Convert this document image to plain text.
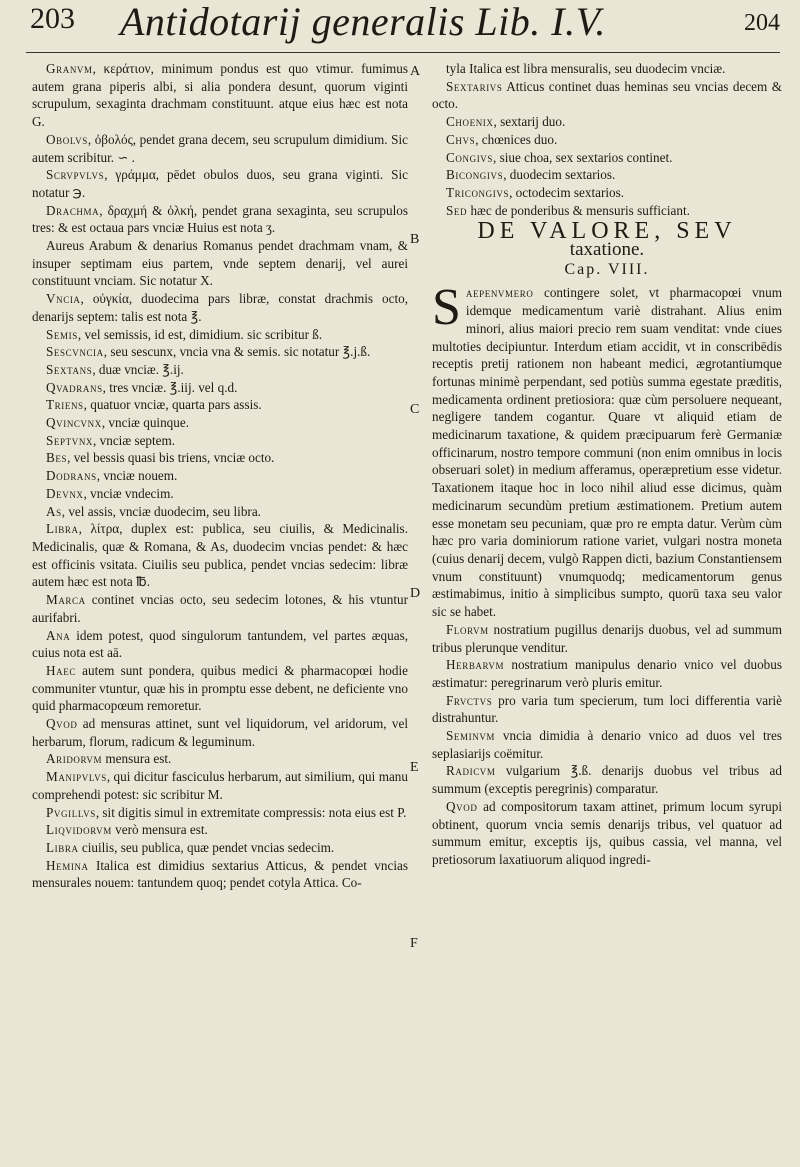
203 Antidotarij generalis Lib. I.V.	204

Granvm, κεράτιον, minimum pondus est quo vtimur. fumimus autem grana piperis albi, si alia pondera desunt, quorum viginti scrupulum, sexaginta drachmam constituunt. atque eius hæc est nota G.

Obolvs, ὀβολός, pendet grana decem, seu scrupulum dimidium. Sic autem scribitur. ∽ .

Scrvpvlvs, γράμμα, pēdet obulos duos, seu grana viginti. Sic notatur ℈.

Drachma, δραχμή & ὁλκή, pendet grana sexaginta, seu scrupulos tres: & est octaua pars vnciæ Huius est nota ʒ.

Aureus Arabum & denarius Romanus pendet drachmam vnam, & insuper septimam eius partem, vnde septem denarij, vel aurei constituunt vnciam. Sic notatur X.

Vncia, οὐγκία, duodecima pars libræ, constat drachmis octo, denarijs septem: talis est nota ℥.

Semis, vel semissis, id est, dimidium. sic scribitur ß.

Sescvncia, seu sescunx, vncia vna & semis. sic notatur ℥.j.ß.

Sextans, duæ vnciæ. ℥.ij.

Qvadrans, tres vnciæ. ℥.iij. vel q.d.

Triens, quatuor vnciæ, quarta pars assis.

Qvincvnx, vnciæ quinque.

Septvnx, vnciæ septem.

Bes, vel bessis quasi bis triens, vnciæ octo.

Dodrans, vnciæ nouem.

Devnx, vnciæ vndecim.

As, vel assis, vnciæ duodecim, seu libra.

Libra, λίτρα, duplex est: publica, seu ciuilis, & Medicinalis. Medicinalis, quæ & Romana, & As, duodecim vncias pendet: & hæc est officinis vsitata. Ciuilis seu publica, pendet vncias sedecim: libræ autem hæc est nota ℔.

Marca continet vncias octo, seu sedecim lotones, & his vtuntur aurifabri.

Ana idem potest, quod singulorum tantundem, vel partes æquas, cuius nota est aā.

Haec autem sunt pondera, quibus medici & pharmacopœi hodie communiter vtuntur, quæ his in promptu esse debent, ne deficiente vno quid pharmacopœum remoretur.

Qvod ad mensuras attinet, sunt vel liquidorum, vel aridorum, vel herbarum, florum, radicum & leguminum.

Aridorvm mensura est.

Manipvlvs, qui dicitur fasciculus herbarum, aut similium, qui manu comprehendi potest: sic scribitur M.

Pvgillvs, sit digitis simul in extremitate compressis: nota eius est P.

Liqvidorvm verò mensura est.

Libra ciuilis, seu publica, quæ pendet vncias sedecim.

Hemina Italica est dimidius sextarius Atticus, & pendet vncias mensurales nouem: tantundem quoq; pendet cotyla Attica. Co-

tyla Italica est libra mensuralis, seu duodecim vnciæ.

Sextarivs Atticus continet duas heminas seu vncias decem & octo.

Choenix, sextarij duo.

Chvs, chœnices duo.

Congivs, siue choa, sex sextarios continet.

Bicongivs, duodecim sextarios.

Tricongivs, octodecim sextarios.

Sed hæc de ponderibus & mensuris sufficiant.

DE VALORE, SEV
taxatione.
Cap. VIII.

Saepenvmero contingere solet, vt pharmacopœi vnum idemque medicamentum variè distrahant. Alius enim minori, alius maiori precio rem suam venditat: vnde ciues multoties decipiuntur. Interdum etiam accidit, vt in conscribēdis receptis pretij rationem non habeant medici, ægrotantiumque fortunas minimè perpendant, sed potiùs summa egestate præditis, medicamenta ordinent pretiosiora: quæ cùm persoluere nequeant, negligere tandem cogantur. Quare vt aliquid etiam de medicinarum taxatione, & quidem præcipuarum ferè Germaniæ officinarum, nostro tempore communi (non enim omnibus in locis obseruari solet) in medium afferamus, operæpretium esse videtur. Taxationem itaque hoc in loco nihil aliud esse dicimus, quàm medicinarum secundùm pretium æstimationem. Pretium autem esse monetam seu pecuniam, quæ pro re empta datur. Verùm cùm hæc pro varia dominiorum ratione variet, vulgari nostra moneta (cuius denarij decem, vulgò Rappen dicti, bazium Constantiensem vnum constituunt) vnumquodq; medicamentorum genus æstimabimus, initio à simplicibus sumpto, quorū taxa seu valor sic se habet.

Florvm nostratium pugillus denarijs duobus, vel ad summum tribus plerunque venditur.

Herbarvm nostratium manipulus denario vnico vel duobus æstimatur: peregrinarum verò pluris emitur.

Frvctvs pro varia tum specierum, tum loci differentia variè distrahuntur.

Seminvm vncia dimidia à denario vnico ad duos vel tres seplasiarijs coëmitur.

Radicvm vulgarium ℥.ß. denarijs duobus vel tribus ad summum (exceptis peregrinis) comparatur.

Qvod ad compositorum taxam attinet, primum locum syrupi obtinent, quorum vncia semis denarijs tribus, vel quatuor ad summum emitur, exceptis ijs, quibus cassia, vel manna, vel pretiosorum laxatiuorum aliquod ingredi-

A
B
C
D
E
F
